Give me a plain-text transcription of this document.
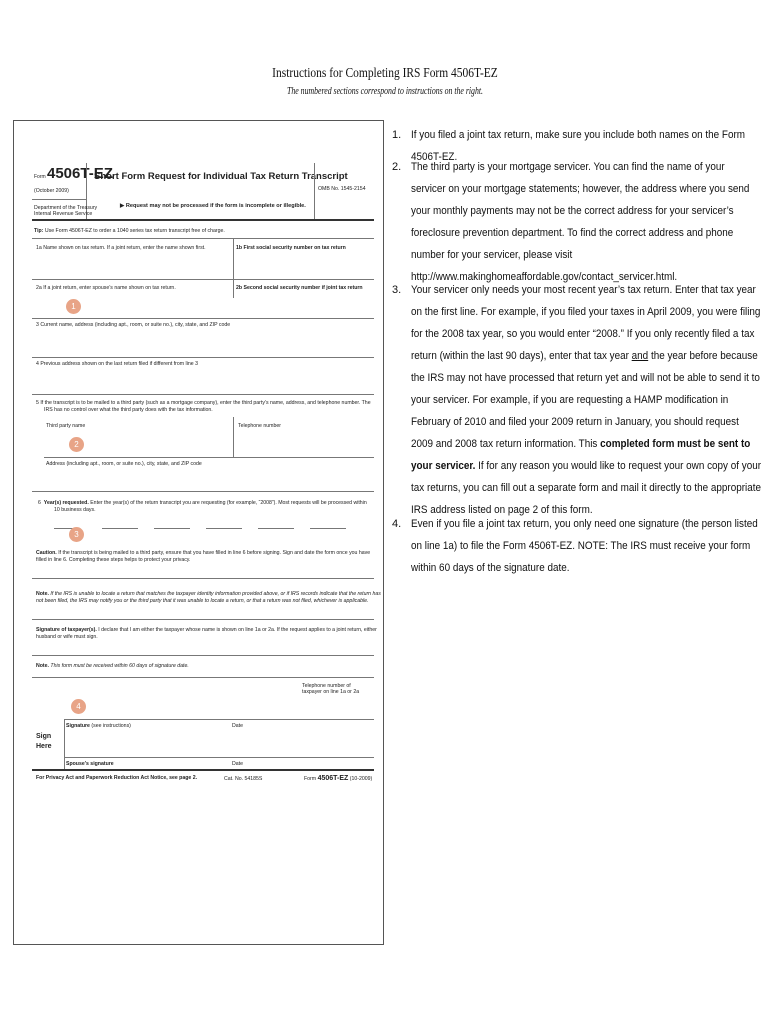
Instructions for Completing IRS Form 4506T-EZ
The numbered sections correspond to instructions on the right.
Form 4506T-EZ
(October 2009)
Short Form Request for Individual Tax Return Transcript
OMB No. 1545-2154
Department of the Treasury
Internal Revenue Service
▶ Request may not be processed if the form is incomplete or illegible.
Tip: Use Form 4506T-EZ to order a 1040 series tax return transcript free of charge.
1a Name shown on tax return. If a joint return, enter the name shown first.	1b First social security number on tax return
2a If a joint return, enter spouse’s name shown on tax return.	2b Second social security number if joint tax return
1
3 Current name, address (including apt., room, or suite no.), city, state, and ZIP code
4 Previous address shown on the last return filed if different from line 3
5 If the transcript is to be mailed to a third party (such as a mortgage company), enter the third party’s name, address, and telephone number. The
IRS has no control over what the third party does with the tax information.
Third party name	Telephone number
2
Address (including apt., room, or suite no.), city, state, and ZIP code
6 Year(s) requested. Enter the year(s) of the return transcript you are requesting (for example, “2008”). Most requests will be processed within
10 business days.
3
Caution. If the transcript is being mailed to a third party, ensure that you have filled in line 6 before signing. Sign and date the form once you have
filled in line 6. Completing these steps helps to protect your privacy.
Note. If the IRS is unable to locate a return that matches the taxpayer identity information provided above, or if IRS records indicate that the return has
not been filed, the IRS may notify you or the third party that it was unable to locate a return, or that a return was not filed, whichever is applicable.
Signature of taxpayer(s). I declare that I am either the taxpayer whose name is shown on line 1a or 2a. If the request applies to a joint return, either
husband or wife must sign.
Note. This form must be received within 60 days of signature date.
Telephone number of
taxpayer on line 1a or 2a
4
Sign
Here
Signature (see instructions)	Date
Spouse’s signature	Date
For Privacy Act and Paperwork Reduction Act Notice, see page 2.	Cat. No. 54185S	Form 4506T-EZ (10-2009)
1. If you filed a joint tax return, make sure you include both names on the Form 4506T-EZ.
2. The third party is your mortgage servicer. You can find the name of your servicer on your mortgage statements; however, the address where you send your monthly payments may not be the correct address for your servicer’s foreclosure prevention department. To find the correct address and phone number for your servicer, please visit http://www.makinghomeaffordable.gov/contact_servicer.html.
3. Your servicer only needs your most recent year’s tax return. Enter that tax year on the first line. For example, if you filed your taxes in April 2009, you were filing for the 2008 tax year, so you would enter “2008.” If you only recently filed a tax return (within the last 90 days), enter that tax year and the year before because the IRS may not have processed that return yet and will not be able to send it to your servicer. For example, if you are requesting a HAMP modification in February of 2010 and filed your 2009 return in January, you should request 2009 and 2008 tax return information. This completed form must be sent to your servicer. If for any reason you would like to request your own copy of your tax returns, you can fill out a separate form and mail it directly to the appropriate IRS address listed on page 2 of this form.
4. Even if you file a joint tax return, you only need one signature (the person listed on line 1a) to file the Form 4506T-EZ. NOTE: The IRS must receive your form within 60 days of the signature date.
